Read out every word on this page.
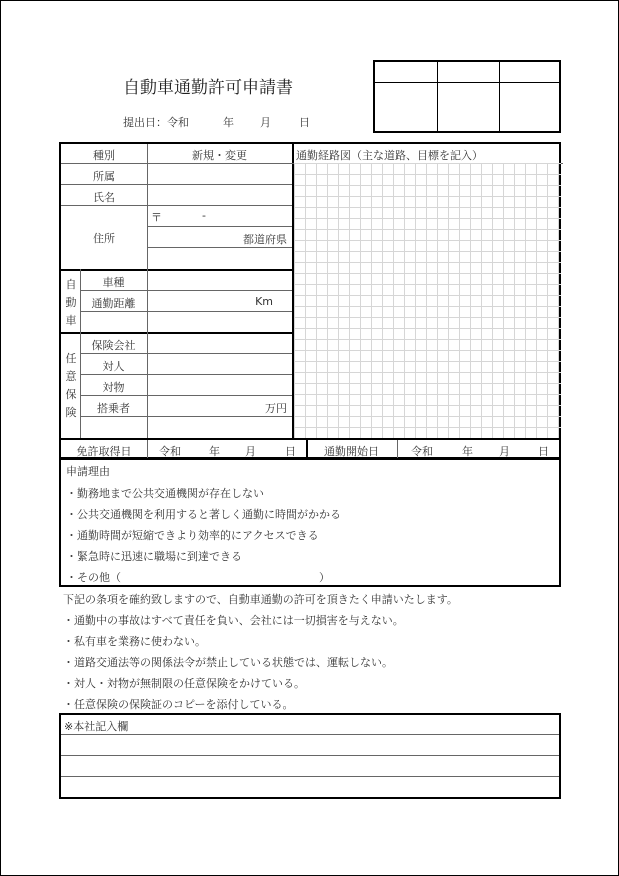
自動車通勤許可申請書
提出日：令和	年 月	日
種別	新規・変更	通勤経路図（主な道路、目標を記入）
所属
氏名
住所
〒	-
都道府県
自動車
車種
通勤距離	Km
任意保険
保険会社
対人
対物
搭乗者	万円
免許取得日	令和	年 月	日	通勤開始日	令和	年 月	日
申請理由
・勤務地まで公共交通機関が存在しない
・公共交通機関を利用すると著しく通勤に時間がかかる
・通勤時間が短縮できより効率的にアクセスできる
・緊急時に迅速に職場に到達できる
・その他（　　　　　　　　　　　　　　　　　　）
下記の条項を確約致しますので、自動車通勤の許可を頂きたく申請いたします。
・通勤中の事故はすべて責任を負い、会社には一切損害を与えない。
・私有車を業務に使わない。
・道路交通法等の関係法令が禁止している状態では、運転しない。
・対人・対物が無制限の任意保険をかけている。
・任意保険の保険証のコピーを添付している。
※本社記入欄
